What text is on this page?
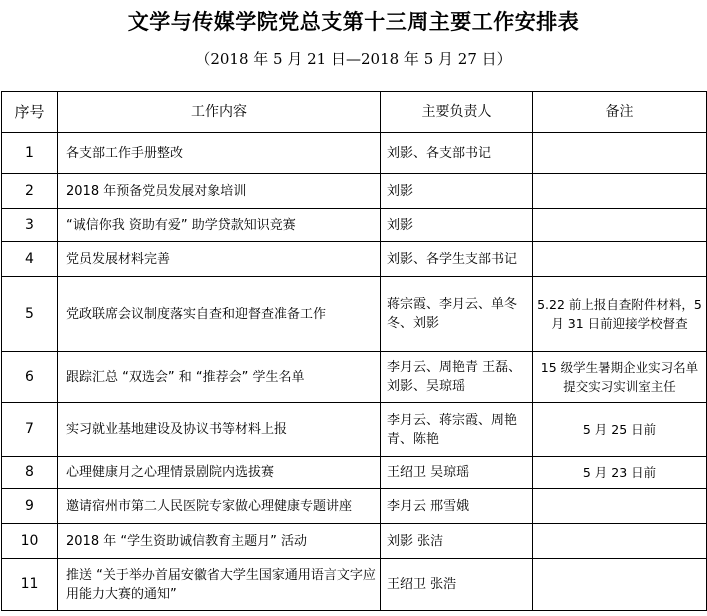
文学与传媒学院党总支第十三周主要工作安排表
（2018 年 5 月 21 日—2018 年 5 月 27 日）
序号	工作内容	主要负责人	备注
1	各支部工作手册整改	刘影、各支部书记	
2	2018 年预备党员发展对象培训	刘影	
3	“诚信你我 资助有爱” 助学贷款知识竞赛	刘影	
4	党员发展材料完善	刘影、各学生支部书记	
5	党政联席会议制度落实自查和迎督查准备工作	蒋宗霞、李月云、单冬冬、刘影	5.22 前上报自查附件材料，5 月 31 日前迎接学校督查
6	跟踪汇总 “双选会” 和 “推荐会” 学生名单	李月云、周艳青 王磊、刘影、吴琼瑶	15 级学生暑期企业实习名单提交实习实训室主任
7	实习就业基地建设及协议书等材料上报	李月云、蒋宗霞、周艳青、陈艳	5 月 25 日前
8	心理健康月之心理情景剧院内选拔赛	王绍卫 吴琼瑶	5 月 23 日前
9	邀请宿州市第二人民医院专家做心理健康专题讲座	李月云 邢雪娥	
10	2018 年 “学生资助诚信教育主题月” 活动	刘影 张洁	
11	推送 “关于举办首届安徽省大学生国家通用语言文字应用能力大赛的通知”	王绍卫 张浩	
